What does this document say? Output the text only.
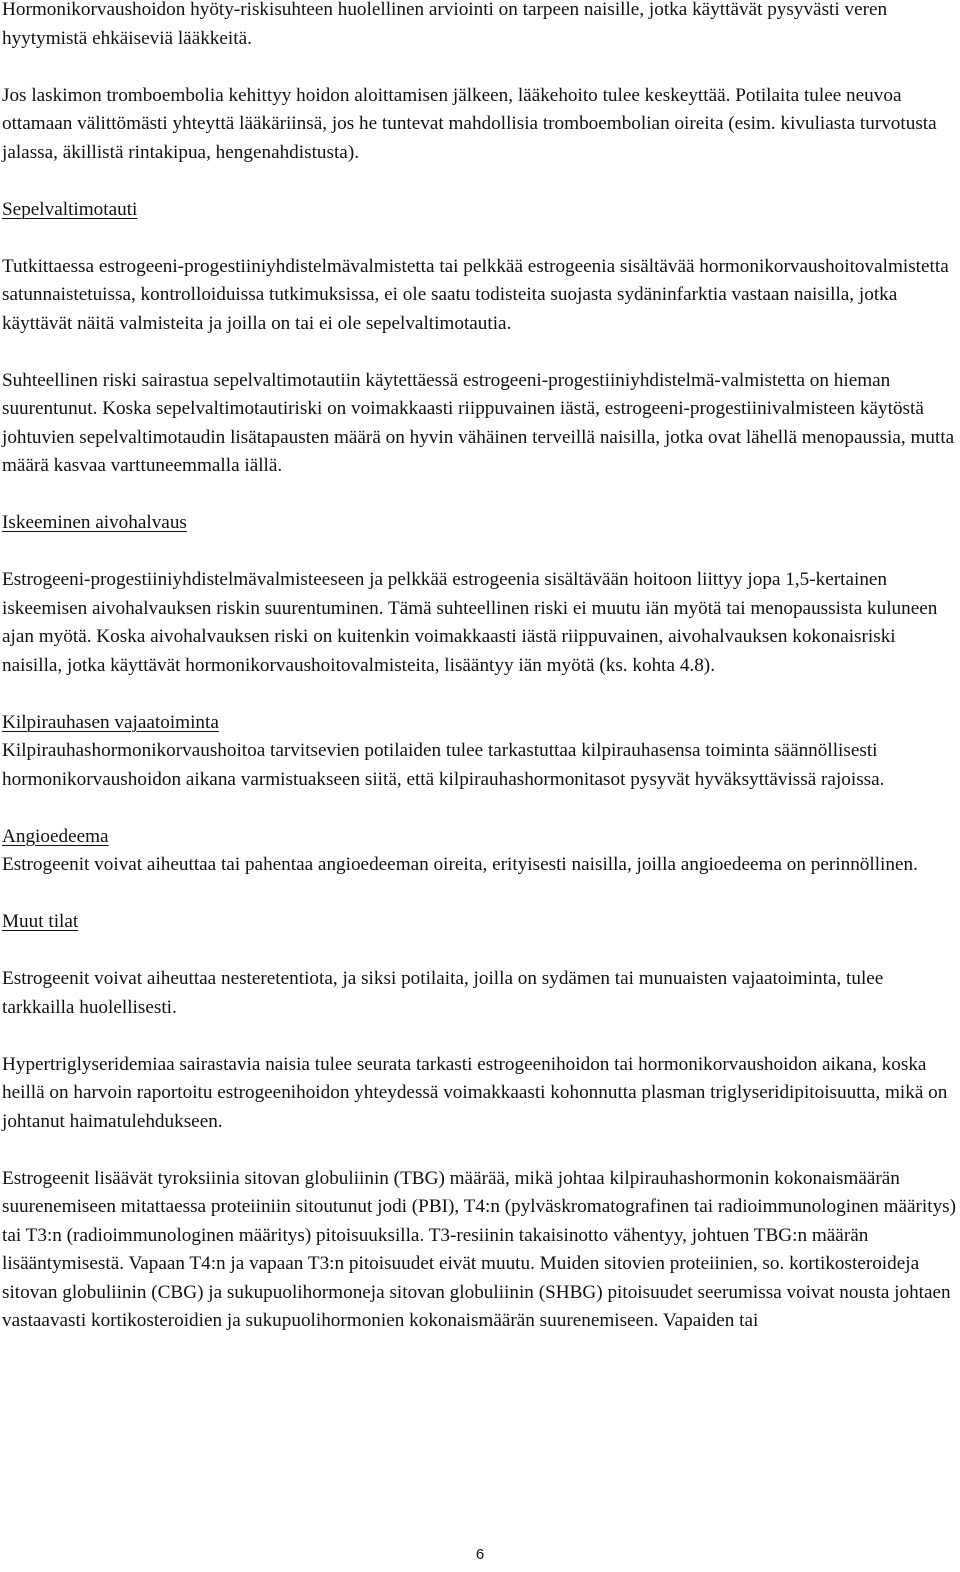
Hormonikorvaushoidon hyöty-riskisuhteen huolellinen arviointi on tarpeen naisille, jotka käyttävät pysyvästi veren hyytymistä ehkäiseviä lääkkeitä.

Jos laskimon tromboembolia kehittyy hoidon aloittamisen jälkeen, lääkehoito tulee keskeyttää. Potilaita tulee neuvoa ottamaan välittömästi yhteyttä lääkäriinsä, jos he tuntevat mahdollisia tromboembolian oireita (esim. kivuliasta turvotusta jalassa, äkillistä rintakipua, hengenahdistusta).

Sepelvaltimotauti

Tutkittaessa estrogeeni-progestiiniyhdistelmävalmistetta tai pelkkää estrogeenia sisältävää hormonikorvaushoitovalmistetta satunnaistetuissa, kontrolloiduissa tutkimuksissa, ei ole saatu todisteita suojasta sydäninfarktia vastaan naisilla, jotka käyttävät näitä valmisteita ja joilla on tai ei ole sepelvaltimotautia.

Suhteellinen riski sairastua sepelvaltimotautiin käytettäessä estrogeeni-progestiiniyhdistelmä-valmistetta on hieman suurentunut. Koska sepelvaltimotautiriski on voimakkaasti riippuvainen iästä, estrogeeni-progestiinivalmisteen käytöstä johtuvien sepelvaltimotaudin lisätapausten määrä on hyvin vähäinen terveillä naisilla, jotka ovat lähellä menopaussia, mutta määrä kasvaa varttuneemmalla iällä.

Iskeeminen aivohalvaus

Estrogeeni-progestiiniyhdistelmävalmisteeseen ja pelkkää estrogeenia sisältävään hoitoon liittyy jopa 1,5-kertainen iskeemisen aivohalvauksen riskin suurentuminen. Tämä suhteellinen riski ei muutu iän myötä tai menopaussista kuluneen ajan myötä. Koska aivohalvauksen riski on kuitenkin voimakkaasti iästä riippuvainen, aivohalvauksen kokonaisriski naisilla, jotka käyttävät hormonikorvaushoitovalmisteita, lisääntyy iän myötä (ks. kohta 4.8).

Kilpirauhasen vajaatoiminta

Kilpirauhashormonikorvaushoitoa tarvitsevien potilaiden tulee tarkastuttaa kilpirauhasensa toiminta säännöllisesti hormonikorvaushoidon aikana varmistuakseen siitä, että kilpirauhashormonitasot pysyvät hyväksyttävissä rajoissa.

Angioedeema

Estrogeenit voivat aiheuttaa tai pahentaa angioedeeman oireita, erityisesti naisilla, joilla angioedeema on perinnöllinen.

Muut tilat

Estrogeenit voivat aiheuttaa nesteretentiota, ja siksi potilaita, joilla on sydämen tai munuaisten vajaatoiminta, tulee tarkkailla huolellisesti.

Hypertriglyseridemiaa sairastavia naisia tulee seurata tarkasti estrogeenihoidon tai hormonikorvaushoidon aikana, koska heillä on harvoin raportoitu estrogeenihoidon yhteydessä voimakkaasti kohonnutta plasman triglyseridipitoisuutta, mikä on johtanut haimatulehdukseen.

Estrogeenit lisäävät tyroksiinia sitovan globuliinin (TBG) määrää, mikä johtaa kilpirauhashormonin kokonaismäärän suurenemiseen mitattaessa proteiiniin sitoutunut jodi (PBI), T4:n (pylväskromatografinen tai radioimmunologinen määritys) tai T3:n (radioimmunologinen määritys) pitoisuuksilla. T3-resiinin takaisinotto vähentyy, johtuen TBG:n määrän lisääntymisestä. Vapaan T4:n ja vapaan T3:n pitoisuudet eivät muutu. Muiden sitovien proteiinien, so. kortikosteroideja sitovan globuliinin (CBG) ja sukupuolihormoneja sitovan globuliinin (SHBG) pitoisuudet seerumissa voivat nousta johtaen vastaavasti kortikosteroidien ja sukupuolihormonien kokonaismäärän suurenemiseen. Vapaiden tai

6
